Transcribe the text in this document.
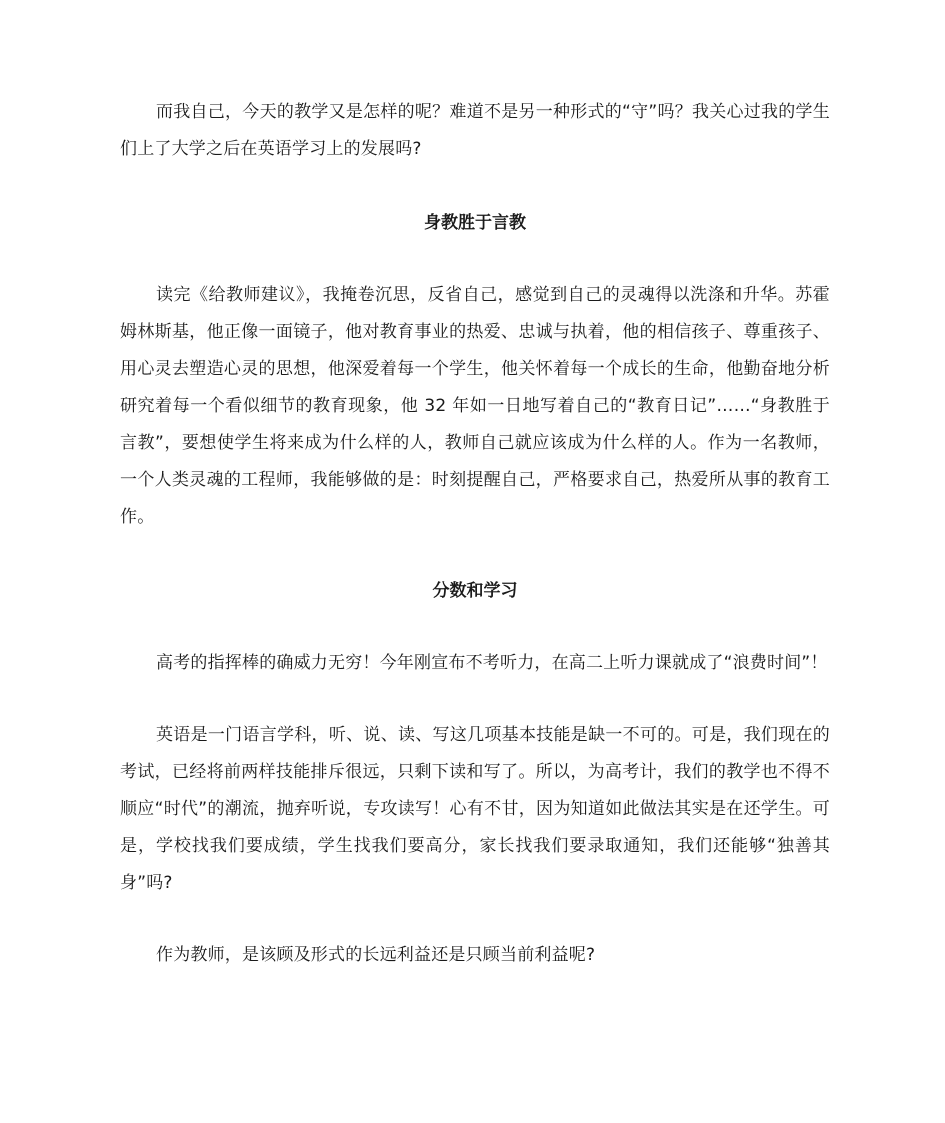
而我自己，今天的教学又是怎样的呢？难道不是另一种形式的“守”吗？我关心过我的学生们上了大学之后在英语学习上的发展吗?

身教胜于言教

读完《给教师建议》，我掩卷沉思，反省自己，感觉到自己的灵魂得以洗涤和升华。苏霍姆林斯基，他正像一面镜子，他对教育事业的热爱、忠诚与执着，他的相信孩子、尊重孩子、用心灵去塑造心灵的思想，他深爱着每一个学生，他关怀着每一个成长的生命，他勤奋地分析研究着每一个看似细节的教育现象，他 32 年如一日地写着自己的“教育日记”……“身教胜于言教”，要想使学生将来成为什么样的人，教师自己就应该成为什么样的人。作为一名教师，一个人类灵魂的工程师，我能够做的是：时刻提醒自己，严格要求自己，热爱所从事的教育工作。

分数和学习

高考的指挥棒的确威力无穷！今年刚宣布不考听力，在高二上听力课就成了“浪费时间”！

英语是一门语言学科，听、说、读、写这几项基本技能是缺一不可的。可是，我们现在的考试，已经将前两样技能排斥很远，只剩下读和写了。所以，为高考计，我们的教学也不得不顺应“时代”的潮流，抛弃听说，专攻读写！心有不甘，因为知道如此做法其实是在还学生。可是，学校找我们要成绩，学生找我们要高分，家长找我们要录取通知，我们还能够“独善其身”吗?

作为教师，是该顾及形式的长远利益还是只顾当前利益呢?
